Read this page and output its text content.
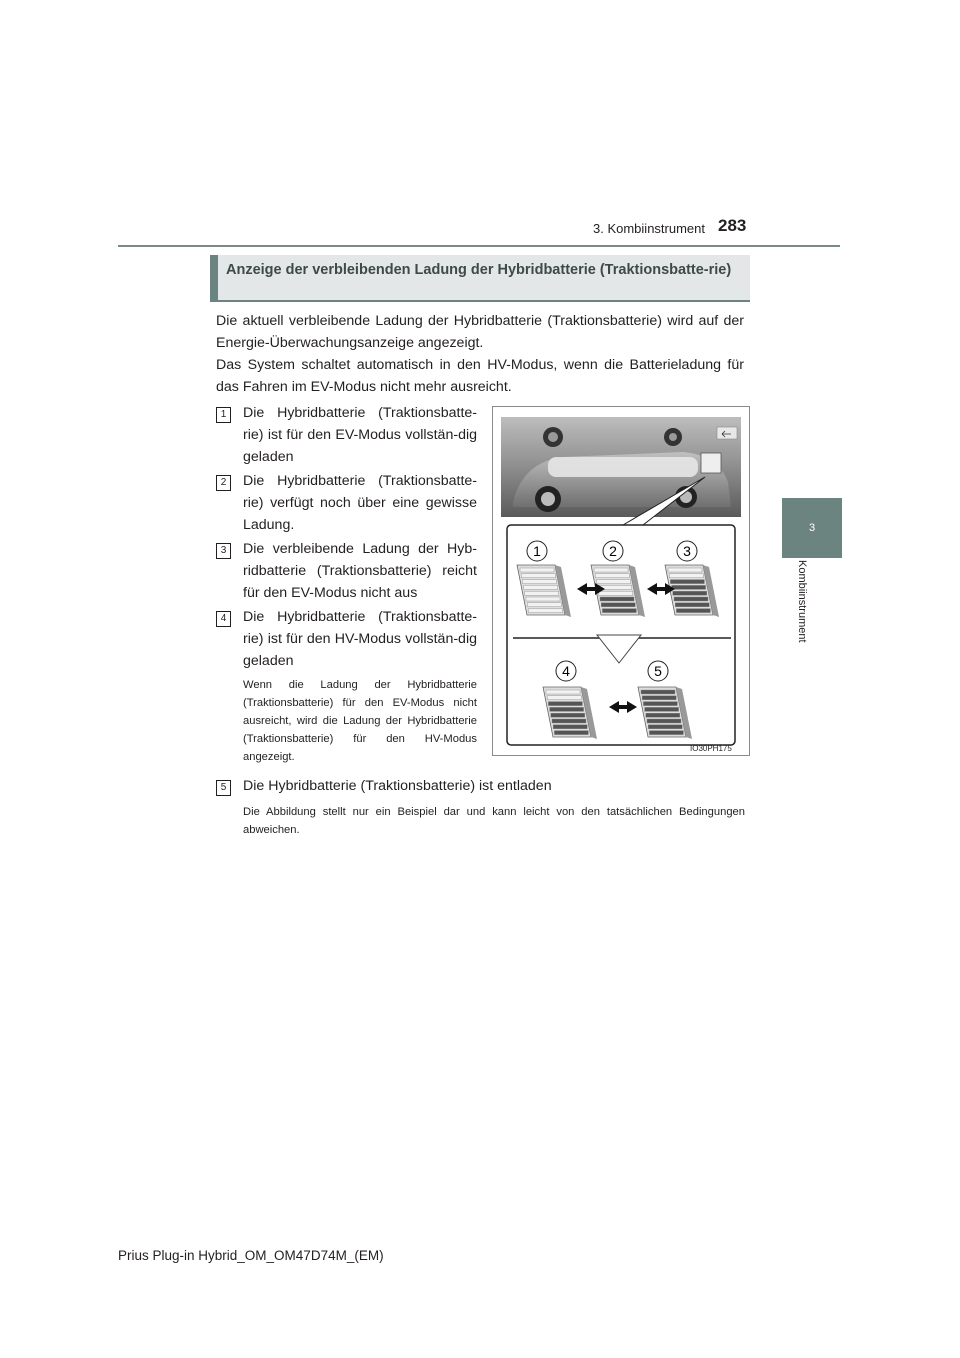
3. Kombiinstrument 283
3
Kombiinstrument
Anzeige der verbleibenden Ladung der Hybridbatterie (Traktionsbatte-rie)
Die aktuell verbleibende Ladung der Hybridbatterie (Traktionsbatterie) wird auf der Energie-Überwachungsanzeige angezeigt.
Das System schaltet automatisch in den HV-Modus, wenn die Batterieladung für das Fahren im EV-Modus nicht mehr ausreicht.
1	Die Hybridbatterie (Traktionsbatte-rie) ist für den EV-Modus vollstän-dig geladen
2	Die Hybridbatterie (Traktionsbatte-rie) verfügt noch über eine gewisse Ladung.
3	Die verbleibende Ladung der Hyb-ridbatterie (Traktionsbatterie) reicht für den EV-Modus nicht aus
4	Die Hybridbatterie (Traktionsbatte-rie) ist für den HV-Modus vollstän-dig geladen
Wenn die Ladung der Hybridbatterie (Traktionsbatterie) für den EV-Modus nicht ausreicht, wird die Ladung der Hybridbatterie (Traktionsbatterie) für den HV-Modus angezeigt.
5	Die Hybridbatterie (Traktionsbatterie) ist entladen
Die Abbildung stellt nur ein Beispiel dar und kann leicht von den tatsächlichen Bedingungen abweichen.
1	2	3
4	5
IO30PH175
Prius Plug-in Hybrid_OM_OM47D74M_(EM)
